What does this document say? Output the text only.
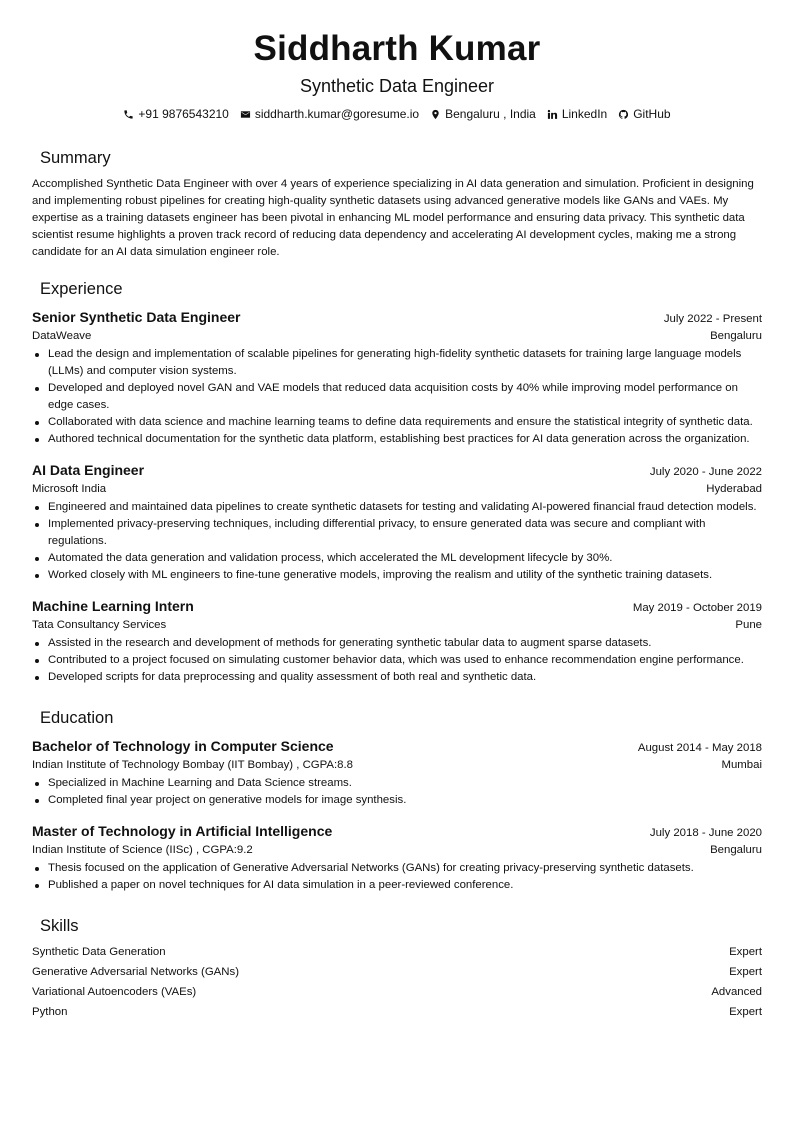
Siddharth Kumar
Synthetic Data Engineer
+91 9876543210 siddharth.kumar@goresume.io Bengaluru , India LinkedIn GitHub
Summary
Accomplished Synthetic Data Engineer with over 4 years of experience specializing in AI data generation and simulation. Proficient in designing and implementing robust pipelines for creating high-quality synthetic datasets using advanced generative models like GANs and VAEs. My expertise as a training datasets engineer has been pivotal in enhancing ML model performance and ensuring data privacy. This synthetic data scientist resume highlights a proven track record of reducing data dependency and accelerating AI development cycles, making me a strong candidate for an AI data simulation engineer role.
Experience
Senior Synthetic Data Engineer	July 2022 - Present
DataWeave	Bengaluru
Lead the design and implementation of scalable pipelines for generating high-fidelity synthetic datasets for training large language models (LLMs) and computer vision systems.
Developed and deployed novel GAN and VAE models that reduced data acquisition costs by 40% while improving model performance on edge cases.
Collaborated with data science and machine learning teams to define data requirements and ensure the statistical integrity of synthetic data.
Authored technical documentation for the synthetic data platform, establishing best practices for AI data generation across the organization.
AI Data Engineer	July 2020 - June 2022
Microsoft India	Hyderabad
Engineered and maintained data pipelines to create synthetic datasets for testing and validating AI-powered financial fraud detection models.
Implemented privacy-preserving techniques, including differential privacy, to ensure generated data was secure and compliant with regulations.
Automated the data generation and validation process, which accelerated the ML development lifecycle by 30%.
Worked closely with ML engineers to fine-tune generative models, improving the realism and utility of the synthetic training datasets.
Machine Learning Intern	May 2019 - October 2019
Tata Consultancy Services	Pune
Assisted in the research and development of methods for generating synthetic tabular data to augment sparse datasets.
Contributed to a project focused on simulating customer behavior data, which was used to enhance recommendation engine performance.
Developed scripts for data preprocessing and quality assessment of both real and synthetic data.
Education
Bachelor of Technology in Computer Science	August 2014 - May 2018
Indian Institute of Technology Bombay (IIT Bombay) , CGPA:8.8	Mumbai
Specialized in Machine Learning and Data Science streams.
Completed final year project on generative models for image synthesis.
Master of Technology in Artificial Intelligence	July 2018 - June 2020
Indian Institute of Science (IISc) , CGPA:9.2	Bengaluru
Thesis focused on the application of Generative Adversarial Networks (GANs) for creating privacy-preserving synthetic datasets.
Published a paper on novel techniques for AI data simulation in a peer-reviewed conference.
Skills
Synthetic Data Generation	Expert
Generative Adversarial Networks (GANs)	Expert
Variational Autoencoders (VAEs)	Advanced
Python	Expert
